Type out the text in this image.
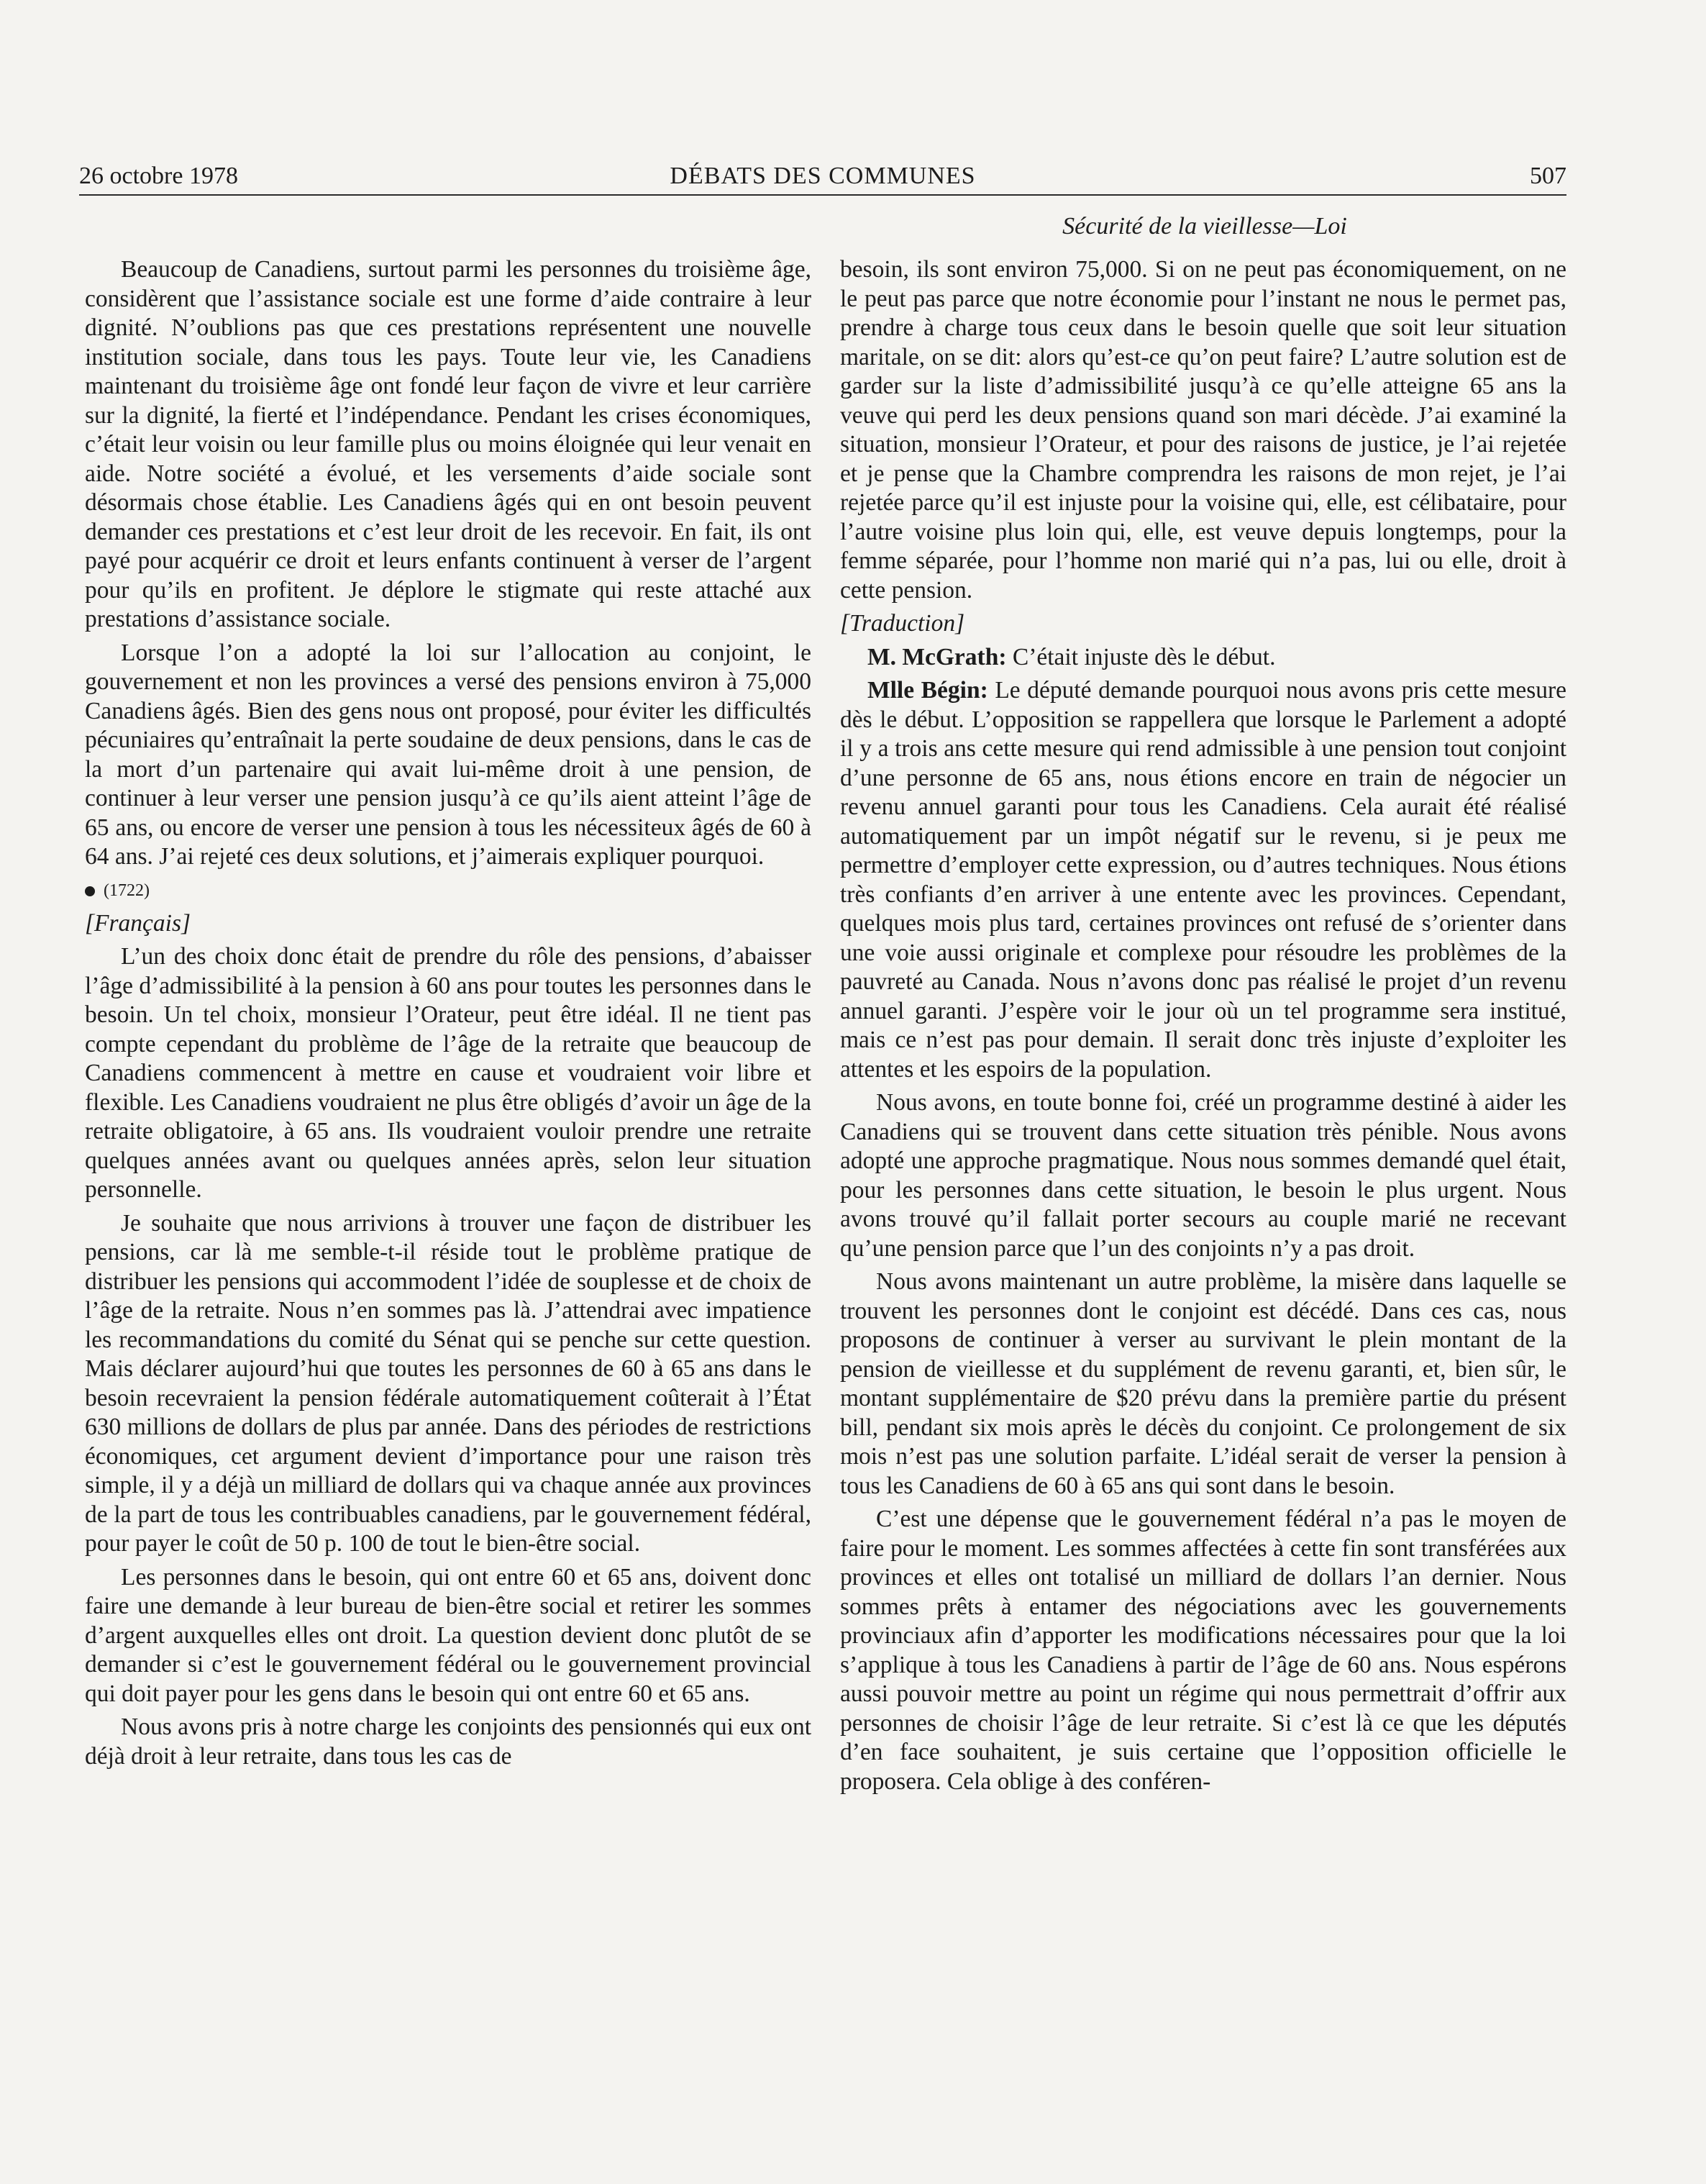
26 octobre 1978	DÉBATS DES COMMUNES	507
Sécurité de la vieillesse—Loi

Beaucoup de Canadiens, surtout parmi les personnes du troisième âge, considèrent que l’assistance sociale est une forme d’aide contraire à leur dignité. N’oublions pas que ces prestations représentent une nouvelle institution sociale, dans tous les pays. Toute leur vie, les Canadiens maintenant du troisième âge ont fondé leur façon de vivre et leur carrière sur la dignité, la fierté et l’indépendance. Pendant les crises économiques, c’était leur voisin ou leur famille plus ou moins éloignée qui leur venait en aide. Notre société a évolué, et les versements d’aide sociale sont désormais chose établie. Les Canadiens âgés qui en ont besoin peuvent demander ces prestations et c’est leur droit de les recevoir. En fait, ils ont payé pour acquérir ce droit et leurs enfants continuent à verser de l’argent pour qu’ils en profitent. Je déplore le stigmate qui reste attaché aux prestations d’assistance sociale.

Lorsque l’on a adopté la loi sur l’allocation au conjoint, le gouvernement et non les provinces a versé des pensions environ à 75,000 Canadiens âgés. Bien des gens nous ont proposé, pour éviter les difficultés pécuniaires qu’entraînait la perte soudaine de deux pensions, dans le cas de la mort d’un partenaire qui avait lui-même droit à une pension, de continuer à leur verser une pension jusqu’à ce qu’ils aient atteint l’âge de 65 ans, ou encore de verser une pension à tous les nécessiteux âgés de 60 à 64 ans. J’ai rejeté ces deux solutions, et j’aimerais expliquer pourquoi.

(1722)
[Français]

L’un des choix donc était de prendre du rôle des pensions, d’abaisser l’âge d’admissibilité à la pension à 60 ans pour toutes les personnes dans le besoin. Un tel choix, monsieur l’Orateur, peut être idéal. Il ne tient pas compte cependant du problème de l’âge de la retraite que beaucoup de Canadiens commencent à mettre en cause et voudraient voir libre et flexible. Les Canadiens voudraient ne plus être obligés d’avoir un âge de la retraite obligatoire, à 65 ans. Ils voudraient vouloir prendre une retraite quelques années avant ou quelques années après, selon leur situation personnelle.

Je souhaite que nous arrivions à trouver une façon de distribuer les pensions, car là me semble-t-il réside tout le problème pratique de distribuer les pensions qui accommodent l’idée de souplesse et de choix de l’âge de la retraite. Nous n’en sommes pas là. J’attendrai avec impatience les recommandations du comité du Sénat qui se penche sur cette question. Mais déclarer aujourd’hui que toutes les personnes de 60 à 65 ans dans le besoin recevraient la pension fédérale automatiquement coûterait à l’État 630 millions de dollars de plus par année. Dans des périodes de restrictions économiques, cet argument devient d’importance pour une raison très simple, il y a déjà un milliard de dollars qui va chaque année aux provinces de la part de tous les contribuables canadiens, par le gouvernement fédéral, pour payer le coût de 50 p. 100 de tout le bien-être social.

Les personnes dans le besoin, qui ont entre 60 et 65 ans, doivent donc faire une demande à leur bureau de bien-être social et retirer les sommes d’argent auxquelles elles ont droit. La question devient donc plutôt de se demander si c’est le gouvernement fédéral ou le gouvernement provincial qui doit payer pour les gens dans le besoin qui ont entre 60 et 65 ans.

Nous avons pris à notre charge les conjoints des pensionnés qui eux ont déjà droit à leur retraite, dans tous les cas de

besoin, ils sont environ 75,000. Si on ne peut pas économiquement, on ne le peut pas parce que notre économie pour l’instant ne nous le permet pas, prendre à charge tous ceux dans le besoin quelle que soit leur situation maritale, on se dit: alors qu’est-ce qu’on peut faire? L’autre solution est de garder sur la liste d’admissibilité jusqu’à ce qu’elle atteigne 65 ans la veuve qui perd les deux pensions quand son mari décède. J’ai examiné la situation, monsieur l’Orateur, et pour des raisons de justice, je l’ai rejetée et je pense que la Chambre comprendra les raisons de mon rejet, je l’ai rejetée parce qu’il est injuste pour la voisine qui, elle, est célibataire, pour l’autre voisine plus loin qui, elle, est veuve depuis longtemps, pour la femme séparée, pour l’homme non marié qui n’a pas, lui ou elle, droit à cette pension.

[Traduction]

M. McGrath: C’était injuste dès le début.

Mlle Bégin: Le député demande pourquoi nous avons pris cette mesure dès le début. L’opposition se rappellera que lorsque le Parlement a adopté il y a trois ans cette mesure qui rend admissible à une pension tout conjoint d’une personne de 65 ans, nous étions encore en train de négocier un revenu annuel garanti pour tous les Canadiens. Cela aurait été réalisé automatiquement par un impôt négatif sur le revenu, si je peux me permettre d’employer cette expression, ou d’autres techniques. Nous étions très confiants d’en arriver à une entente avec les provinces. Cependant, quelques mois plus tard, certaines provinces ont refusé de s’orienter dans une voie aussi originale et complexe pour résoudre les problèmes de la pauvreté au Canada. Nous n’avons donc pas réalisé le projet d’un revenu annuel garanti. J’espère voir le jour où un tel programme sera institué, mais ce n’est pas pour demain. Il serait donc très injuste d’exploiter les attentes et les espoirs de la population.

Nous avons, en toute bonne foi, créé un programme destiné à aider les Canadiens qui se trouvent dans cette situation très pénible. Nous avons adopté une approche pragmatique. Nous nous sommes demandé quel était, pour les personnes dans cette situation, le besoin le plus urgent. Nous avons trouvé qu’il fallait porter secours au couple marié ne recevant qu’une pension parce que l’un des conjoints n’y a pas droit.

Nous avons maintenant un autre problème, la misère dans laquelle se trouvent les personnes dont le conjoint est décédé. Dans ces cas, nous proposons de continuer à verser au survivant le plein montant de la pension de vieillesse et du supplément de revenu garanti, et, bien sûr, le montant supplémentaire de $20 prévu dans la première partie du présent bill, pendant six mois après le décès du conjoint. Ce prolongement de six mois n’est pas une solution parfaite. L’idéal serait de verser la pension à tous les Canadiens de 60 à 65 ans qui sont dans le besoin.

C’est une dépense que le gouvernement fédéral n’a pas le moyen de faire pour le moment. Les sommes affectées à cette fin sont transférées aux provinces et elles ont totalisé un milliard de dollars l’an dernier. Nous sommes prêts à entamer des négociations avec les gouvernements provinciaux afin d’apporter les modifications nécessaires pour que la loi s’applique à tous les Canadiens à partir de l’âge de 60 ans. Nous espérons aussi pouvoir mettre au point un régime qui nous permettrait d’offrir aux personnes de choisir l’âge de leur retraite. Si c’est là ce que les députés d’en face souhaitent, je suis certaine que l’opposition officielle le proposera. Cela oblige à des conféren-
